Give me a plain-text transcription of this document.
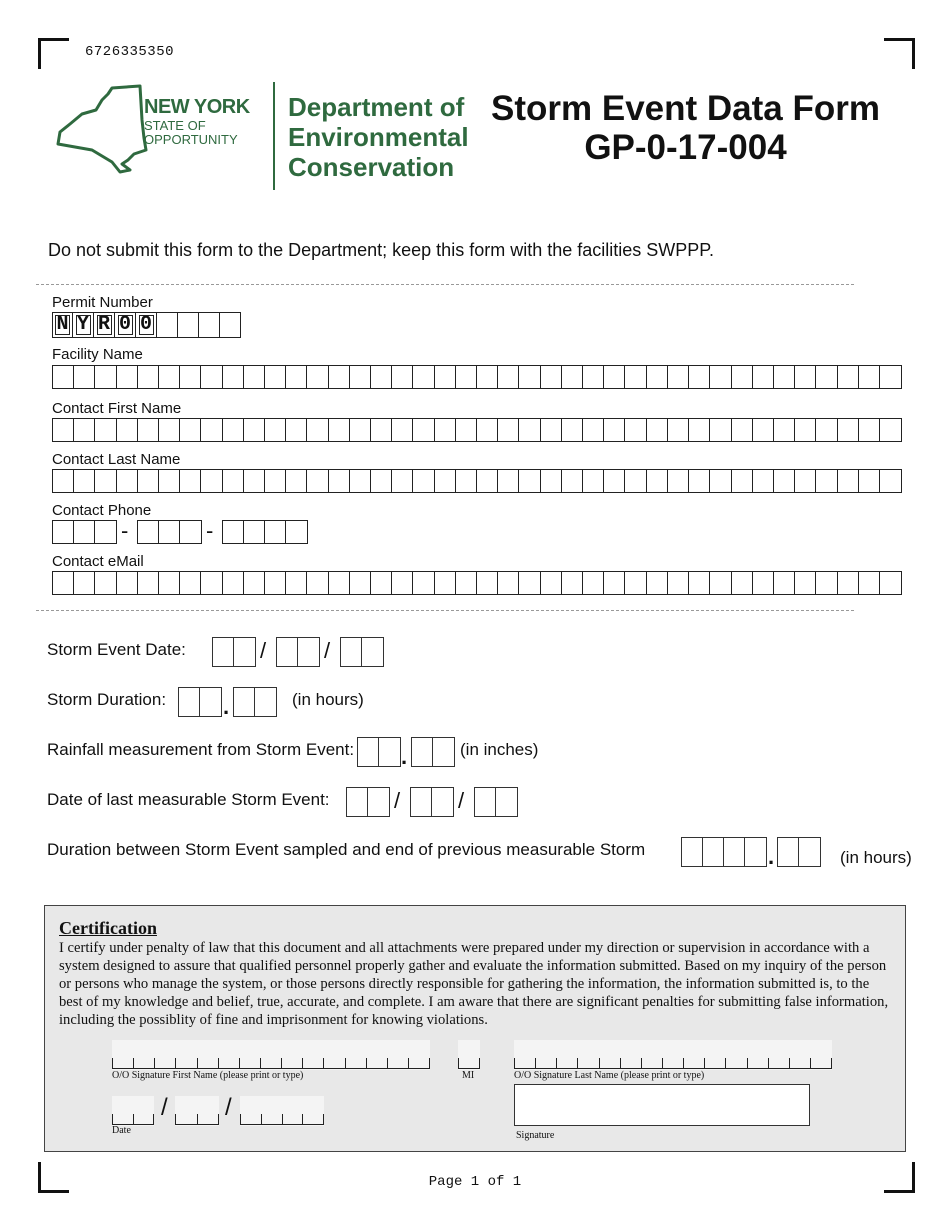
6726335350
NEW YORK
STATE OF
OPPORTUNITY
Department of
Environmental
Conservation
Storm Event Data Form
GP-0-17-004
Do not submit this form to the Department; keep this form with the facilities SWPPP.
Permit Number
N Y R 0 0
Facility Name
Contact First Name
Contact Last Name
Contact Phone
-	-
Contact eMail
Storm Event Date:	/	/
Storm Duration:	.	(in hours)
Rainfall measurement from Storm Event: .	(in inches)
Date of last measurable Storm Event:	/	/
Duration between Storm Event sampled and end of previous measurable Storm	.	(in hours)
Certification
I certify under penalty of law that this document and all attachments were prepared under my direction or supervision in accordance with a system designed to assure that qualified personnel properly gather and evaluate the information submitted. Based on my inquiry of the person or persons who manage the system, or those persons directly responsible for gathering the information, the information submitted is, to the best of my knowledge and belief, true, accurate, and complete. I am aware that there are significant penalties for submitting false information, including the possiblity of fine and imprisonment for knowing violations.
O/O Signature First Name (please print or type)	MI	O/O Signature Last Name (please print or type)
/ /
Date	Signature
Page 1 of 1
